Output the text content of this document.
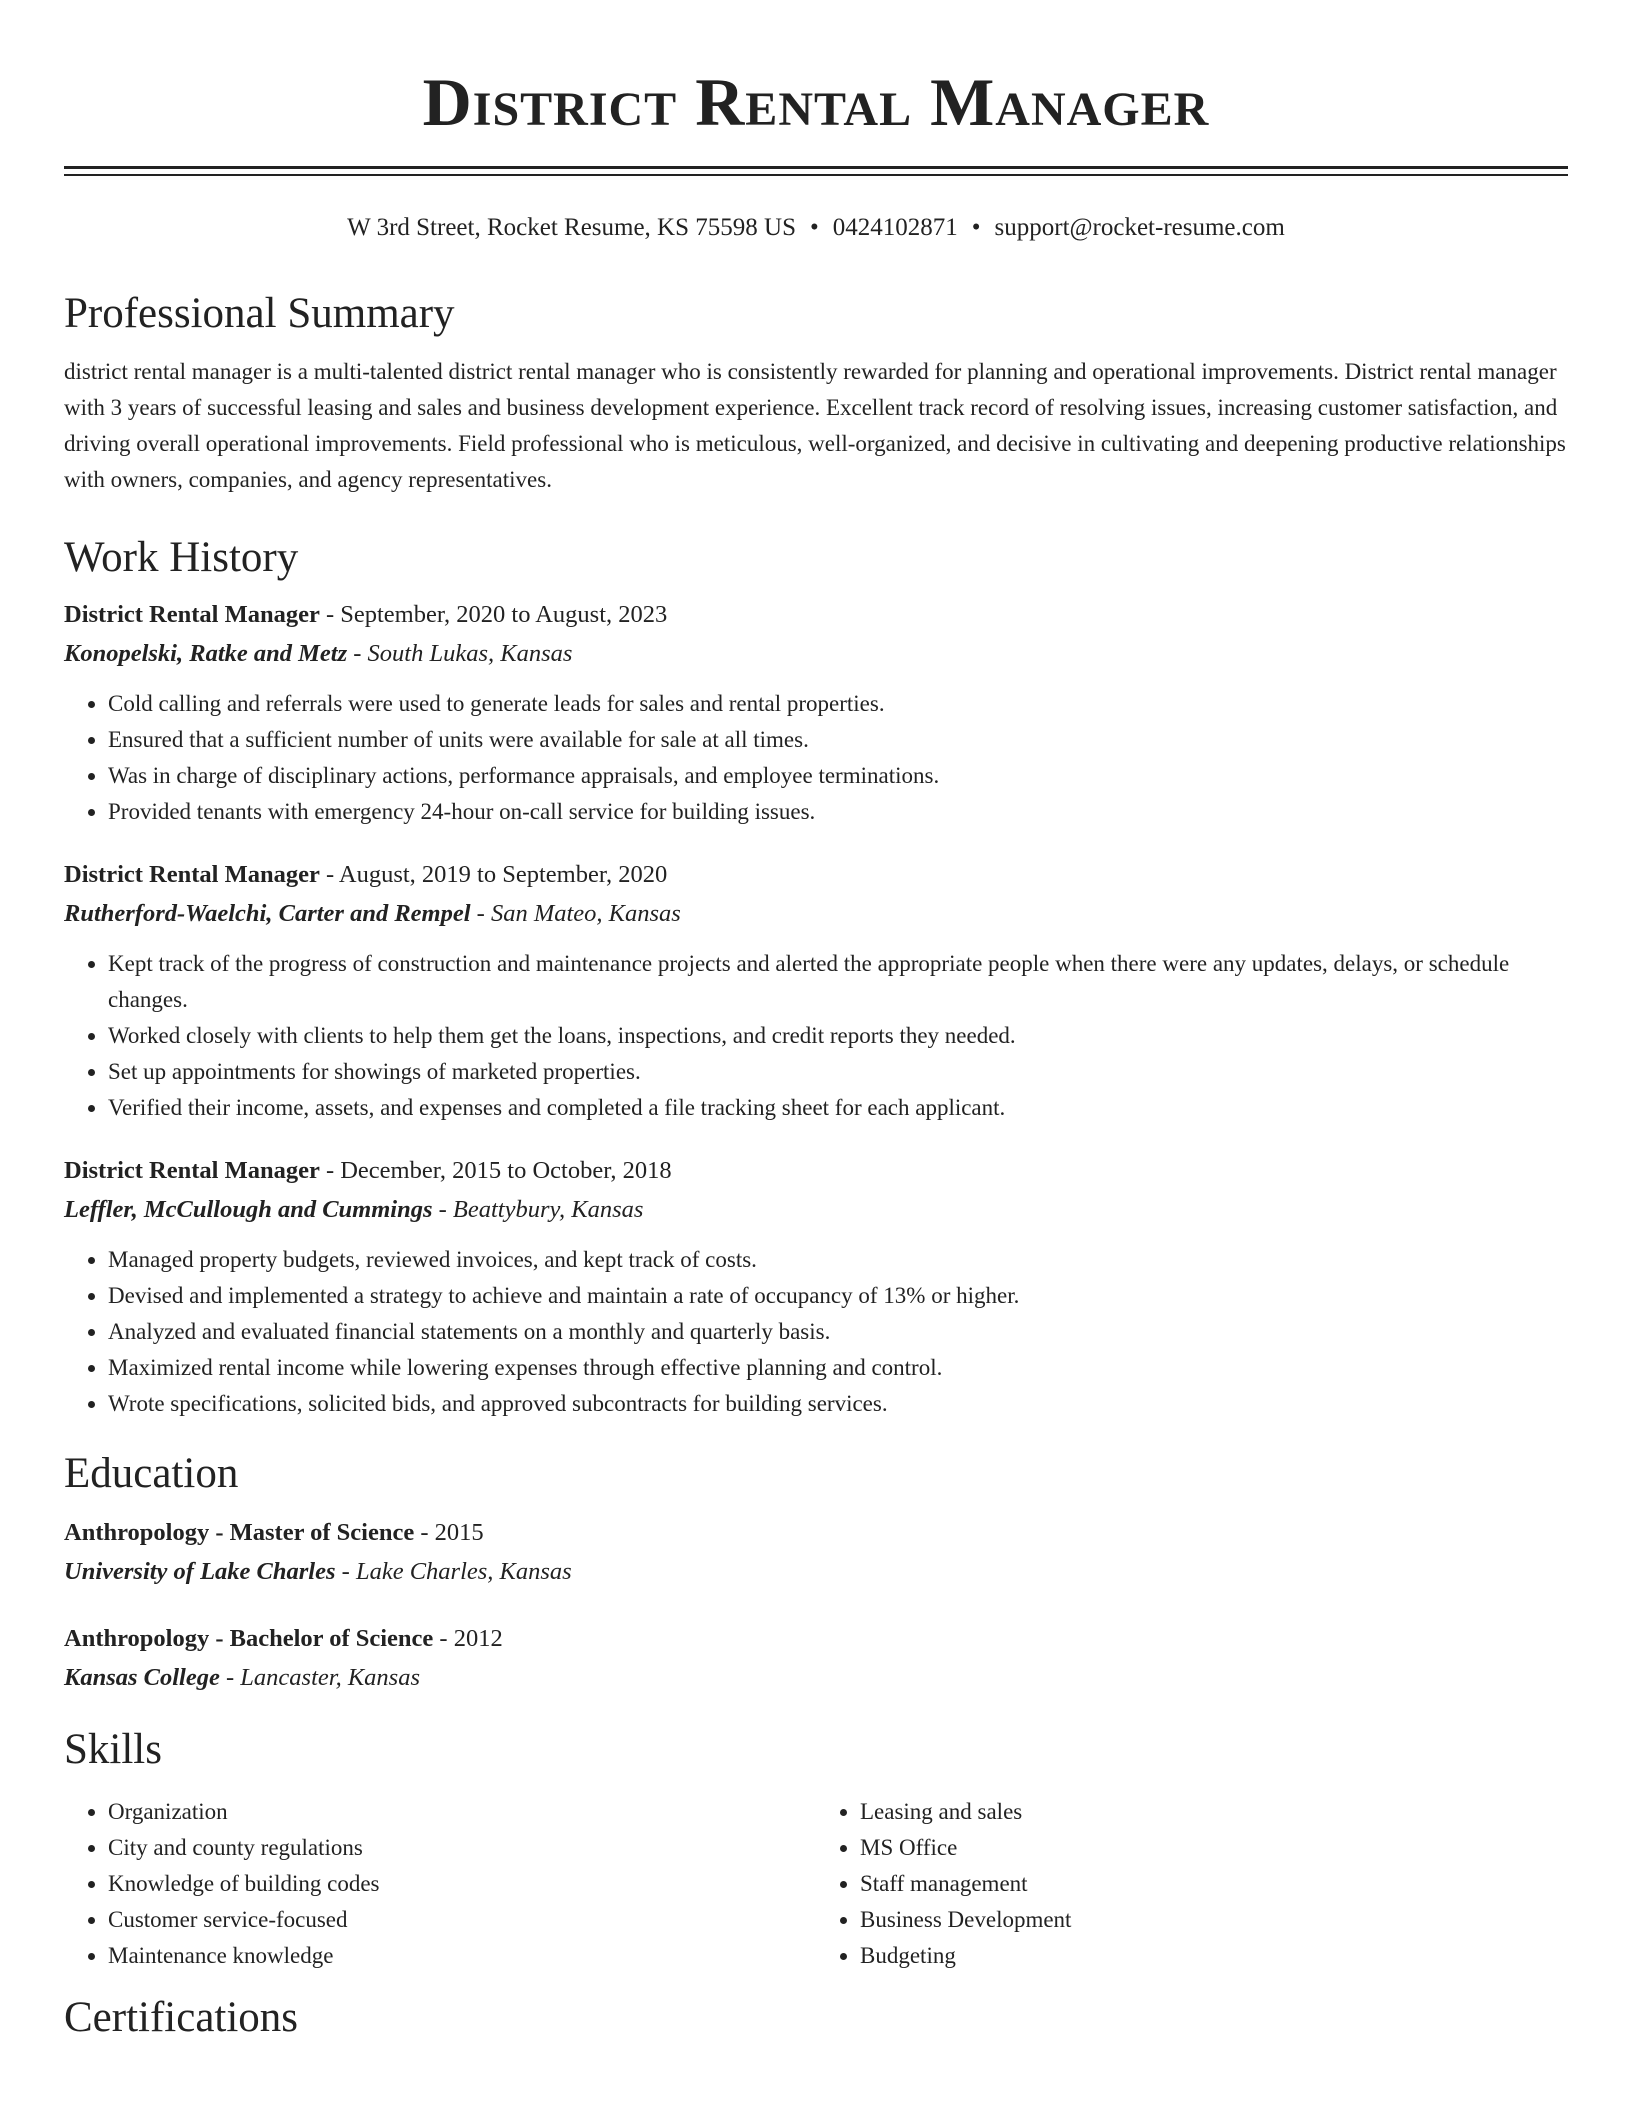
District Rental Manager
W 3rd Street, Rocket Resume, KS 75598 US • 0424102871 • support@rocket-resume.com
Professional Summary

district rental manager is a multi-talented district rental manager who is consistently rewarded for planning and operational improvements. District rental manager with 3 years of successful leasing and sales and business development experience. Excellent track record of resolving issues, increasing customer satisfaction, and driving overall operational improvements. Field professional who is meticulous, well-organized, and decisive in cultivating and deepening productive relationships with owners, companies, and agency representatives.

Work History
District Rental Manager - September, 2020 to August, 2023
Konopelski, Ratke and Metz - South Lukas, Kansas
• Cold calling and referrals were used to generate leads for sales and rental properties.
• Ensured that a sufficient number of units were available for sale at all times.
• Was in charge of disciplinary actions, performance appraisals, and employee terminations.
• Provided tenants with emergency 24-hour on-call service for building issues.
District Rental Manager - August, 2019 to September, 2020
Rutherford-Waelchi, Carter and Rempel - San Mateo, Kansas
• Kept track of the progress of construction and maintenance projects and alerted the appropriate people when there were any updates, delays, or schedule changes.
• Worked closely with clients to help them get the loans, inspections, and credit reports they needed.
• Set up appointments for showings of marketed properties.
• Verified their income, assets, and expenses and completed a file tracking sheet for each applicant.
District Rental Manager - December, 2015 to October, 2018
Leffler, McCullough and Cummings - Beattybury, Kansas
• Managed property budgets, reviewed invoices, and kept track of costs.
• Devised and implemented a strategy to achieve and maintain a rate of occupancy of 13% or higher.
• Analyzed and evaluated financial statements on a monthly and quarterly basis.
• Maximized rental income while lowering expenses through effective planning and control.
• Wrote specifications, solicited bids, and approved subcontracts for building services.
Education
Anthropology - Master of Science - 2015
University of Lake Charles - Lake Charles, Kansas
Anthropology - Bachelor of Science - 2012
Kansas College - Lancaster, Kansas
Skills
• Organization
• City and county regulations
• Knowledge of building codes
• Customer service-focused
• Maintenance knowledge
• Leasing and sales
• MS Office
• Staff management
• Business Development
• Budgeting
Certifications
